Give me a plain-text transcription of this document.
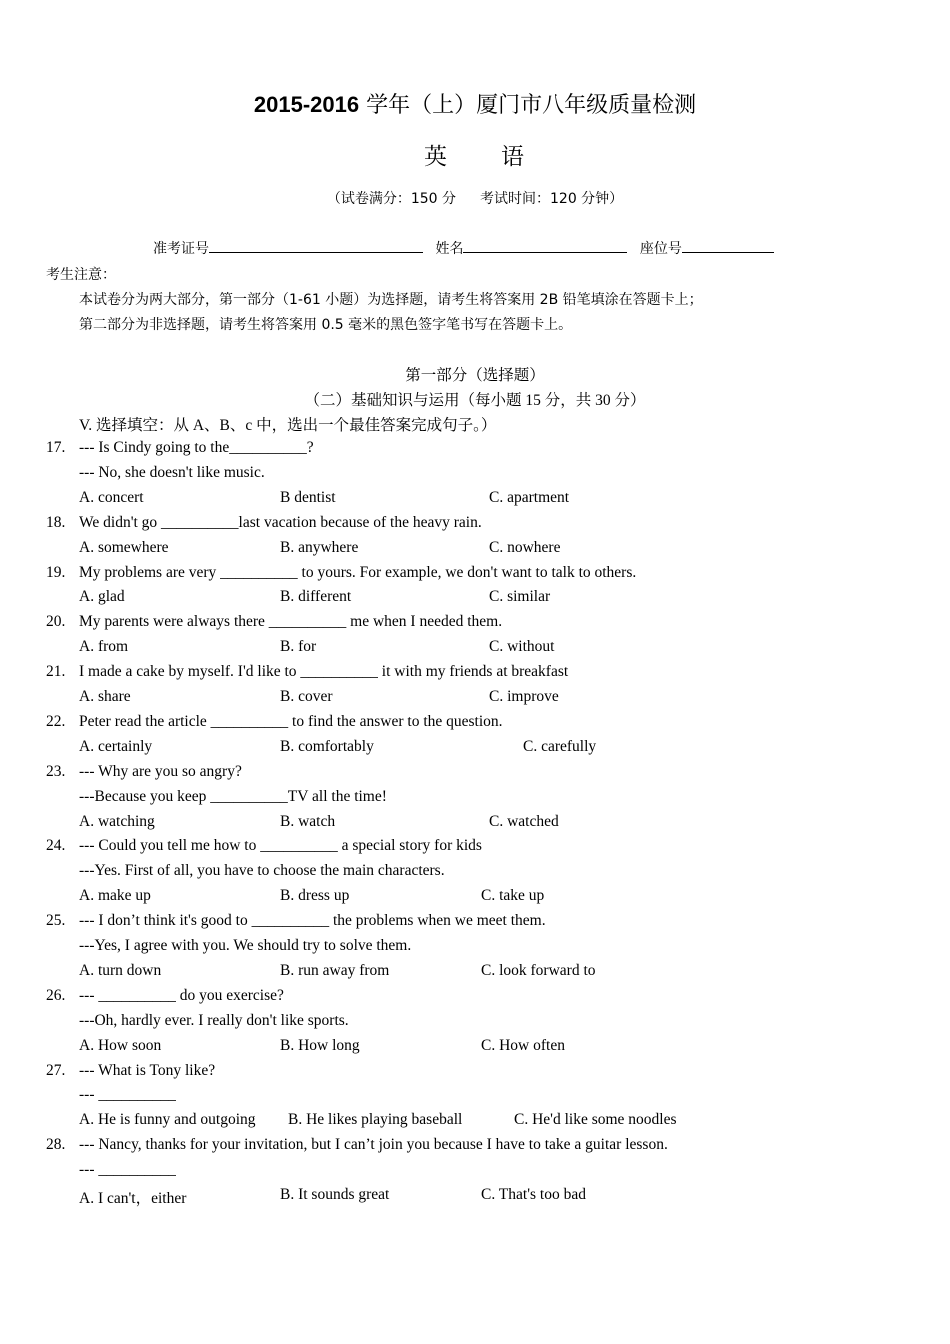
2015-2016 学年（上）厦门市八年级质量检测
英 语
（试卷满分：150 分 考试时间：120 分钟）
准考证号	姓名	座位号
考生注意：
本试卷分为两大部分，第一部分（1-61 小题）为选择题，请考生将答案用 2B 铅笔填涂在答题卡上；
第二部分为非选择题，请考生将答案用 0.5 毫米的黑色签字笔书写在答题卡上。
第一部分（选择题）
（二）基础知识与运用（每小题 15 分，共 30 分）
V. 选择填空：从 A、B、c 中，选出一个最佳答案完成句子。）
17. --- Is Cindy going to the__________?
--- No, she doesn't like music.
A. concert	B dentist	C. apartment
18. We didn't go __________last vacation because of the heavy rain.
A. somewhere	B. anywhere	C. nowhere
19. My problems are very __________ to yours. For example, we don't want to talk to others.
A. glad	B. different	C. similar
20. My parents were always there __________ me when I needed them.
A. from	B. for	C. without
21. I made a cake by myself. I'd like to __________ it with my friends at breakfast
A. share	B. cover	C. improve
22. Peter read the article __________ to find the answer to the question.
A. certainly	B. comfortably	C. carefully
23. --- Why are you so angry?
---Because you keep __________TV all the time!
A. watching	B. watch	C. watched
24. --- Could you tell me how to __________ a special story for kids
---Yes. First of all, you have to choose the main characters.
A. make up	B. dress up	C. take up
25. --- I don’t think it's good to __________ the problems when we meet them.
---Yes, I agree with you. We should try to solve them.
A. turn down	B. run away from	C. look forward to
26. --- __________ do you exercise?
---Oh, hardly ever. I really don't like sports.
A. How soon	B. How long	C. How often
27. --- What is Tony like?
--- __________
A. He is funny and outgoing B. He likes playing baseball	C. He'd like some noodles
28. --- Nancy, thanks for your invitation, but I can’t join you because I have to take a guitar lesson.
--- __________
A. I can't，either	B. It sounds great	C. That's too bad
